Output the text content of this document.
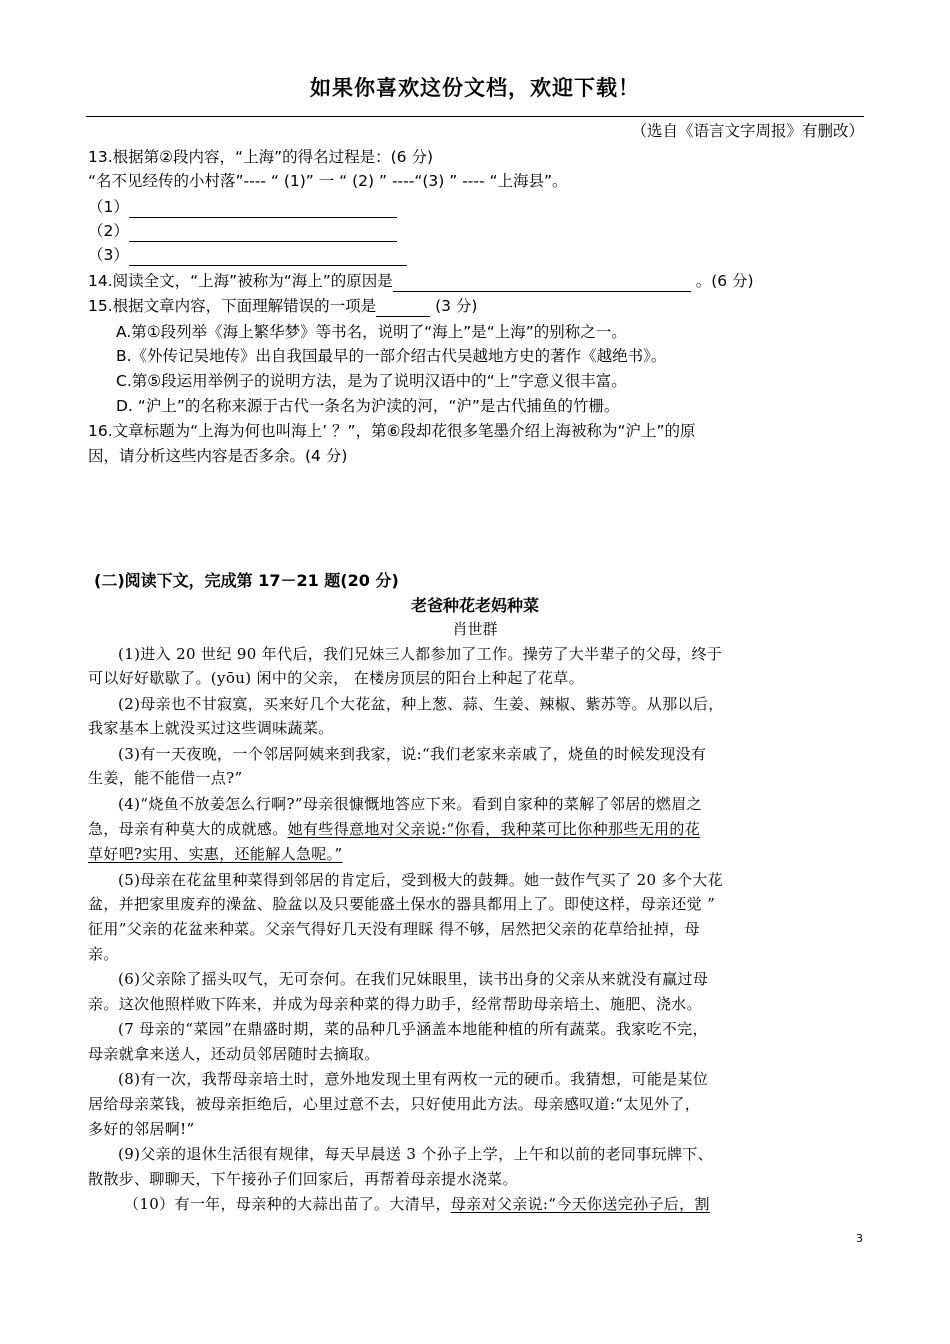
如果你喜欢这份文档，欢迎下载！
（选自《语言文字周报》有删改）
13.根据第②段内容，“上海”的得名过程是：(6 分)
“名不见经传的小村落”---- “ (1)” 一 “ (2) ” ----“(3) ” ---- “上海县”。
（1）
（2）
（3）
14.阅读全文，“上海”被称为“海上”的原因是	。(6 分)
15.根据文章内容，下面理解错误的一项是	(3 分)
A.第①段列举《海上繁华梦》等书名，说明了“海上”是“上海”的别称之一。
B.《外传记吴地传》出自我国最早的一部介绍古代吴越地方史的著作《越绝书》。
C.第⑤段运用举例子的说明方法，是为了说明汉语中的“上”字意义很丰富。
D. “沪上”的名称来源于古代一条名为沪渎的河，“沪”是古代捕鱼的竹栅。
16.文章标题为“上海为何也叫海上’ ？”，第⑥段却花很多笔墨介绍上海被称为“沪上”的原
因，请分析这些内容是否多余。(4 分)
(二)阅读下文，完成第 17－21 题(20 分)
老爸种花老妈种菜
肖世群
(1)进入 20 世纪 90 年代后，我们兄妹三人都参加了工作。操劳了大半辈子的父母，终于
可以好好歇歇了。(yōu) 闲中的父亲， 在楼房顶层的阳台上种起了花草。
(2)母亲也不甘寂寞，买来好几个大花盆，种上葱、蒜、生姜、辣椒、紫苏等。从那以后，
我家基本上就没买过这些调味蔬菜。
(3)有一天夜晚，一个邻居阿姨来到我家，说:“我们老家来亲戚了，烧鱼的时候发现没有
生姜，能不能借一点?”
(4)“烧鱼不放姜怎么行啊?”母亲很慷慨地答应下来。看到自家种的菜解了邻居的燃眉之
急，母亲有种莫大的成就感。她有些得意地对父亲说:“你看，我种菜可比你种那些无用的花
草好吧?实用、实惠，还能解人急呢。”
(5)母亲在花盆里种菜得到邻居的肯定后，受到极大的鼓舞。她一鼓作气买了 20 多个大花
盆，并把家里废弃的澡盆、脸盆以及只要能盛土保水的器具都用上了。即使这样，母亲还觉 ”
征用”父亲的花盆来种菜。父亲气得好几天没有理睬 得不够，居然把父亲的花草给扯掉，母
亲。
(6)父亲除了摇头叹气，无可奈何。在我们兄妹眼里，读书出身的父亲从来就没有赢过母
亲。这次他照样败下阵来，并成为母亲种菜的得力助手，经常帮助母亲培土、施肥、浇水。
(7 母亲的“菜园”在鼎盛时期，菜的品种几乎涵盖本地能种植的所有蔬菜。我家吃不完，
母亲就拿来送人，还动员邻居随时去摘取。
(8)有一次，我帮母亲培土时，意外地发现土里有两枚一元的硬币。我猜想，可能是某位
居给母亲菜钱，被母亲拒绝后，心里过意不去，只好使用此方法。母亲感叹道:“太见外了，
多好的邻居啊!”
(9)父亲的退休生活很有规律，每天早晨送 3 个孙子上学，上午和以前的老同事玩牌下、
散散步、聊聊天，下午接孙子们回家后，再帮着母亲提水浇菜。
（10）有一年，母亲种的大蒜出苗了。大清早，母亲对父亲说:“今天你送完孙子后，割
3
